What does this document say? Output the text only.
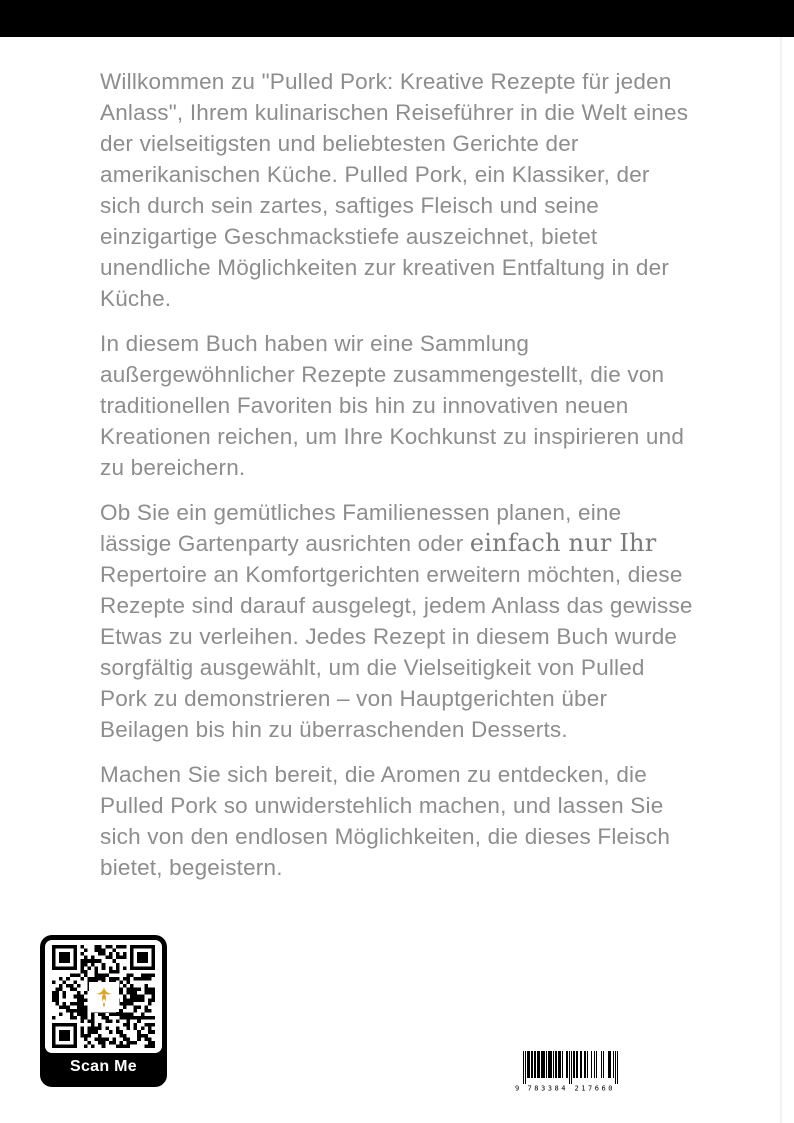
Willkommen zu "Pulled Pork: Kreative Rezepte für jeden Anlass", Ihrem kulinarischen Reiseführer in die Welt eines der vielseitigsten und beliebtesten Gerichte der amerikanischen Küche. Pulled Pork, ein Klassiker, der sich durch sein zartes, saftiges Fleisch und seine einzigartige Geschmackstiefe auszeichnet, bietet unendliche Möglichkeiten zur kreativen Entfaltung in der Küche.

In diesem Buch haben wir eine Sammlung außergewöhnlicher Rezepte zusammengestellt, die von traditionellen Favoriten bis hin zu innovativen neuen Kreationen reichen, um Ihre Kochkunst zu inspirieren und zu bereichern.

Ob Sie ein gemütliches Familienessen planen, eine lässige Gartenparty ausrichten oder einfach nur Ihr Repertoire an Komfortgerichten erweitern möchten, diese Rezepte sind darauf ausgelegt, jedem Anlass das gewisse Etwas zu verleihen. Jedes Rezept in diesem Buch wurde sorgfältig ausgewählt, um die Vielseitigkeit von Pulled Pork zu demonstrieren – von Hauptgerichten über Beilagen bis hin zu überraschenden Desserts.

Machen Sie sich bereit, die Aromen zu entdecken, die Pulled Pork so unwiderstehlich machen, und lassen Sie sich von den endlosen Möglichkeiten, die dieses Fleisch bietet, begeistern.

Scan Me
9 783384 217660
